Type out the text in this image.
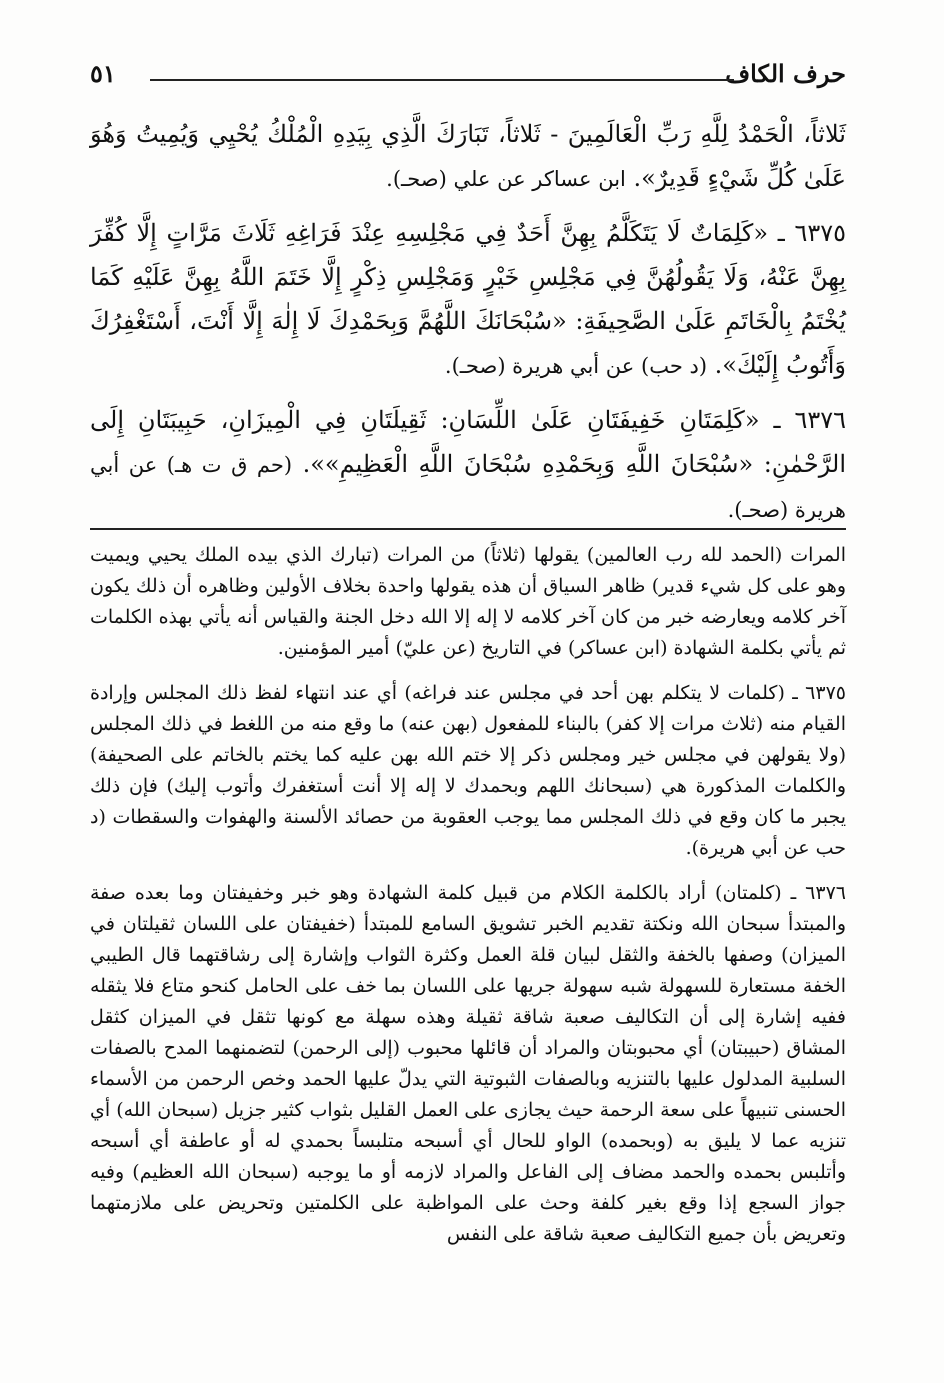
حرف الكاف
٥١

ثَلاثاً، الْحَمْدُ لِلَّهِ رَبِّ الْعَالَمِينَ - ثَلاثاً، تَبَارَكَ الَّذِي بِيَدِهِ الْمُلْكُ يُحْيِي وَيُمِيتُ وَهُوَ عَلَىٰ كُلِّ شَيْءٍ قَدِيرٌ». ابن عساكر عن علي (صحـ).

٦٣٧٥ ـ «كَلِمَاتٌ لَا يَتَكَلَّمُ بِهِنَّ أَحَدٌ فِي مَجْلِسِهِ عِنْدَ فَرَاغِهِ ثَلَاثَ مَرَّاتٍ إِلَّا كُفِّرَ بِهِنَّ عَنْهُ، وَلَا يَقُولُهُنَّ فِي مَجْلِسِ خَيْرٍ وَمَجْلِسِ ذِكْرٍ إِلَّا خَتَمَ اللَّهُ بِهِنَّ عَلَيْهِ كَمَا يُخْتَمُ بِالْخَاتَمِ عَلَىٰ الصَّحِيفَةِ: «سُبْحَانَكَ اللَّهُمَّ وَبِحَمْدِكَ لَا إِلٰهَ إِلَّا أَنْتَ، أَسْتَغْفِرُكَ وَأَتُوبُ إِلَيْكَ». (د حب) عن أبي هريرة (صحـ).

٦٣٧٦ ـ «كَلِمَتَانِ خَفِيفَتَانِ عَلَىٰ اللِّسَانِ: ثَقِيلَتَانِ فِي الْمِيزَانِ، حَبِيبَتَانِ إِلَى الرَّحْمٰنِ: «سُبْحَانَ اللَّهِ وَبِحَمْدِهِ سُبْحَانَ اللَّهِ الْعَظِيمِ»». (حم ق ت هـ) عن أبي هريرة (صحـ).

المرات (الحمد لله رب العالمين) يقولها (ثلاثاً) من المرات (تبارك الذي بيده الملك يحيي ويميت وهو على كل شيء قدير) ظاهر السياق أن هذه يقولها واحدة بخلاف الأولين وظاهره أن ذلك يكون آخر كلامه ويعارضه خبر من كان آخر كلامه لا إله إلا الله دخل الجنة والقياس أنه يأتي بهذه الكلمات ثم يأتي بكلمة الشهادة (ابن عساكر) في التاريخ (عن عليّ) أمير المؤمنين.

٦٣٧٥ ـ (كلمات لا يتكلم بهن أحد في مجلس عند فراغه) أي عند انتهاء لفظ ذلك المجلس وإرادة القيام منه (ثلاث مرات إلا كفر) بالبناء للمفعول (بهن عنه) ما وقع منه من اللغط في ذلك المجلس (ولا يقولهن في مجلس خير ومجلس ذكر إلا ختم الله بهن عليه كما يختم بالخاتم على الصحيفة) والكلمات المذكورة هي (سبحانك اللهم وبحمدك لا إله إلا أنت أستغفرك وأتوب إليك) فإن ذلك يجبر ما كان وقع في ذلك المجلس مما يوجب العقوبة من حصائد الألسنة والهفوات والسقطات (د حب عن أبي هريرة).

٦٣٧٦ ـ (كلمتان) أراد بالكلمة الكلام من قبيل كلمة الشهادة وهو خبر وخفيفتان وما بعده صفة والمبتدأ سبحان الله ونكتة تقديم الخبر تشويق السامع للمبتدأ (خفيفتان على اللسان ثقيلتان في الميزان) وصفها بالخفة والثقل لبيان قلة العمل وكثرة الثواب وإشارة إلى رشاقتهما قال الطيبي الخفة مستعارة للسهولة شبه سهولة جريها على اللسان بما خف على الحامل كنحو متاع فلا يثقله ففيه إشارة إلى أن التكاليف صعبة شاقة ثقيلة وهذه سهلة مع كونها تثقل في الميزان كثقل المشاق (حبيبتان) أي محبوبتان والمراد أن قائلها محبوب (إلى الرحمن) لتضمنهما المدح بالصفات السلبية المدلول عليها بالتنزيه وبالصفات الثبوتية التي يدلّ عليها الحمد وخص الرحمن من الأسماء الحسنى تنبيهاً على سعة الرحمة حيث يجازى على العمل القليل بثواب كثير جزيل (سبحان الله) أي تنزيه عما لا يليق به (وبحمده) الواو للحال أي أسبحه متلبساً بحمدي له أو عاطفة أي أسبحه وأتلبس بحمده والحمد مضاف إلى الفاعل والمراد لازمه أو ما يوجبه (سبحان الله العظيم) وفيه جواز السجع إذا وقع بغير كلفة وحث على المواظبة على الكلمتين وتحريض على ملازمتهما وتعريض بأن جميع التكاليف صعبة شاقة على النفس
